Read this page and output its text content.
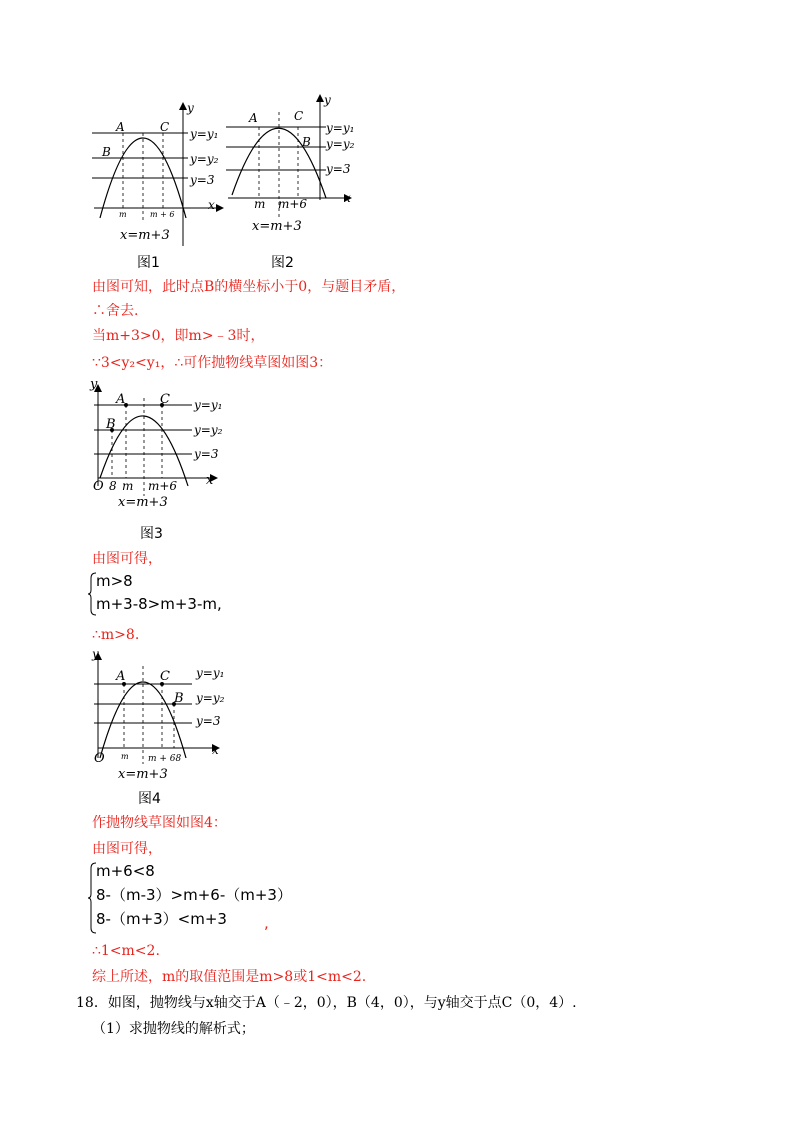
A	C
B
y
x
y=y₁
y=y₂
y=3
m	m + 6
x=m+3
图1
A	C
B
y
x
y=y₁
y=y₂
y=3
m m+6
x=m+3
图2
由图可知，此时点B的横坐标小于0，与题目矛盾，
∴舍去.
当m+3>0，即m>﹣3时，
∵3<y₂<y₁，∴可作抛物线草图如图3：
A	C
B
y
x
O
y=y₁
y=y₂
y=3
8 m m+6
x=m+3
图3
由图可得，
m>8
m+3-8>m+3-m,
∴m>8.
A	C
B
y
x
O
y=y₁
y=y₂
y=3
m m + 68
x=m+3
图4
作抛物线草图如图4：
由图可得，
m+6<8
8-（m-3）>m+6-（m+3）
8-（m+3）<m+3 ,
∴1<m<2.
综上所述，m的取值范围是m>8或1<m<2.
18．如图，抛物线与x轴交于A（﹣2，0），B（4，0），与y轴交于点C（0，4）.
（1）求抛物线的解析式；
